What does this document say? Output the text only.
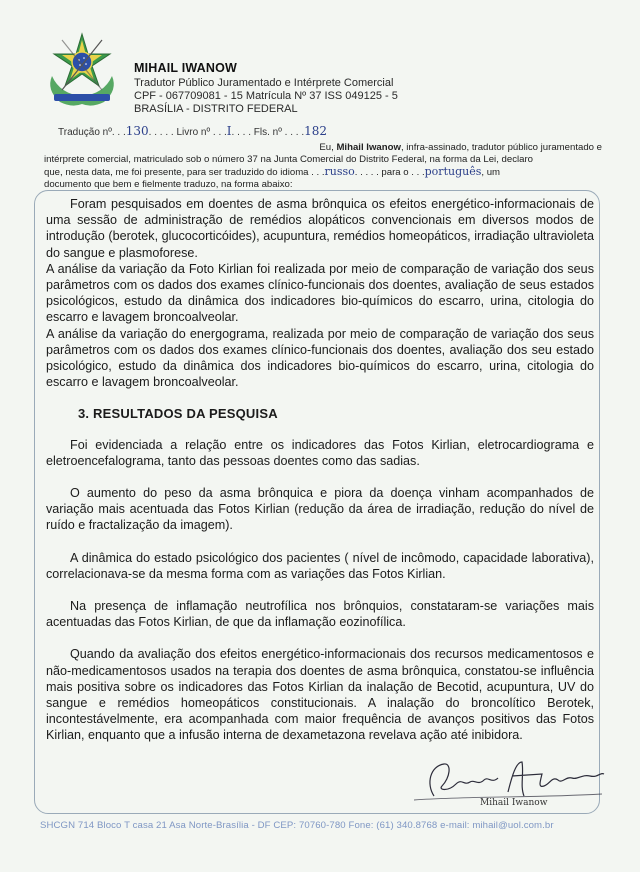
MIHAIL IWANOW
Tradutor Público Juramentado e Intérprete Comercial
CPF - 067709081 - 15 Matrícula Nº 37 ISS 049125 - 5
BRASÍLIA - DISTRITO FEDERAL
Tradução nº. . .130. . . . . Livro nº . . .I. . . . Fls. nº . . . .182
Eu, Mihail Iwanow, infra-assinado, tradutor público juramentado e
intérprete comercial, matriculado sob o número 37 na Junta Comercial do Distrito Federal, na forma da Lei, declaro
que, nesta data, me foi presente, para ser traduzido do idioma . . .russo. . . . . para o . . .português, um
documento que bem e fielmente traduzo, na forma abaixo:

Foram pesquisados em doentes de asma brônquica os efeitos energético-informacionais de uma sessão de administração de remédios alopáticos convencionais em diversos modos de introdução (berotek, glucocorticóides), acupuntura, remédios homeopáticos, irradiação ultravioleta do sangue e plasmoforese.

A análise da variação da Foto Kirlian foi realizada por meio de comparação de variação dos seus parâmetros com os dados dos exames clínico-funcionais dos doentes, avaliação de seus estados psicológicos, estudo da dinâmica dos indicadores bio-químicos do escarro, urina, citologia do escarro e lavagem broncoalveolar.

A análise da variação do energograma, realizada por meio de comparação de variação dos seus parâmetros com os dados dos exames clínico-funcionais dos doentes, avaliação dos seu estado psicológico, estudo da dinâmica dos indicadores bio-químicos do escarro, urina, citologia do escarro e lavagem broncoalveolar.

3. RESULTADOS DA PESQUISA

Foi evidenciada a relação entre os indicadores das Fotos Kirlian, eletrocardiograma e eletroencefalograma, tanto das pessoas doentes como das sadias.

O aumento do peso da asma brônquica e piora da doença vinham acompanhados de variação mais acentuada das Fotos Kirlian (redução da área de irradiação, redução do nível de ruído e fractalização da imagem).

A dinâmica do estado psicológico dos pacientes ( nível de incômodo, capacidade laborativa), correlacionava-se da mesma forma com as variações das Fotos Kirlian.

Na presença de inflamação neutrofílica nos brônquios, constataram-se variações mais acentuadas das Fotos Kirlian, de que da inflamação eozinofílica.

Quando da avaliação dos efeitos energético-informacionais dos recursos medicamentosos e não-medicamentosos usados na terapia dos doentes de asma brônquica, constatou-se influência mais positiva sobre os indicadores das Fotos Kirlian da inalação de Becotid, acupuntura, UV do sangue e remédios homeopáticos constitucionais. A inalação do broncolítico Berotek, incontestávelmente, era acompanhada com maior frequência de avanços positivos das Fotos Kirlian, enquanto que a infusão interna de dexametazona revelava ação até inibidora.

Mihail Iwanow
SHCGN 714 Bloco T casa 21 Asa Norte-Brasília - DF CEP: 70760-780 Fone: (61) 340.8768 e-mail: mihail@uol.com.br
